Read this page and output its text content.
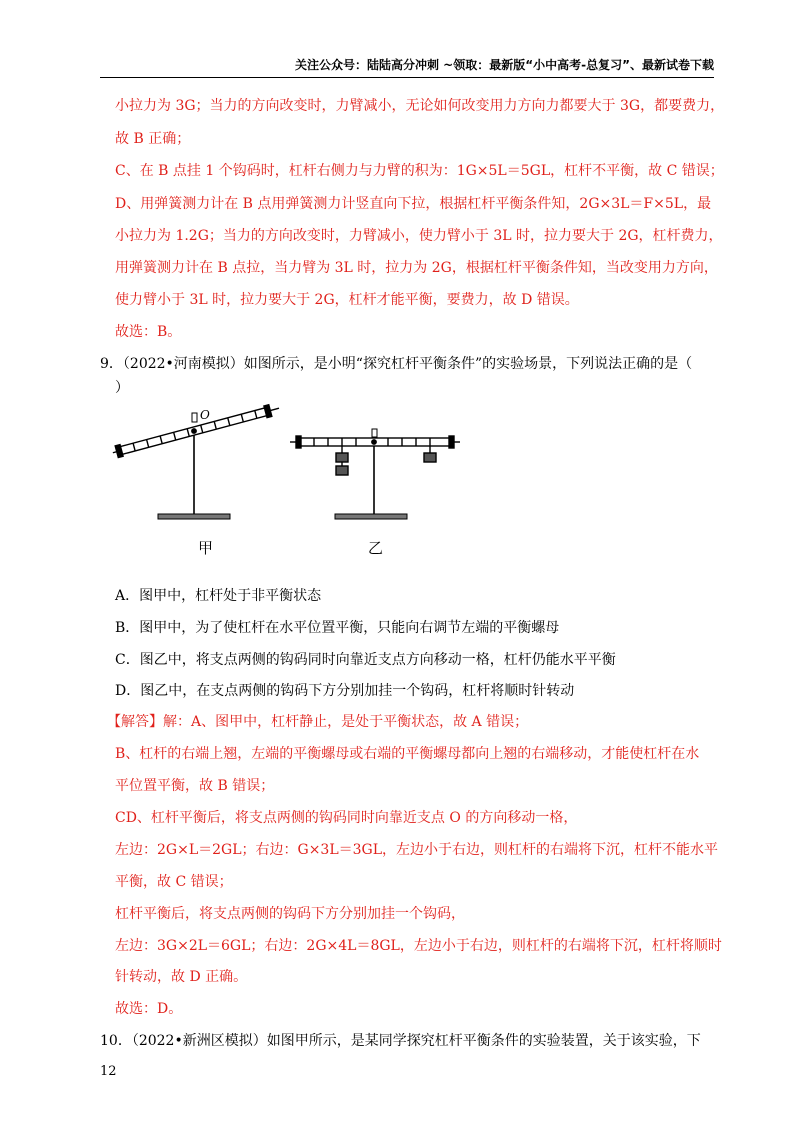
关注公众号：陆陆高分冲刺 ~领取：最新版“小中高考-总复习”、最新试卷下载
小拉力为 3G；当力的方向改变时，力臂减小，无论如何改变用力方向力都要大于 3G，都要费力，
故 B 正确；
C、在 B 点挂 1 个钩码时，杠杆右侧力与力臂的积为：1G×5L＝5GL，杠杆不平衡，故 C 错误；
D、用弹簧测力计在 B 点用弹簧测力计竖直向下拉，根据杠杆平衡条件知，2G×3L＝F×5L，最
小拉力为 1.2G；当力的方向改变时，力臂减小，使力臂小于 3L 时，拉力要大于 2G，杠杆费力，
用弹簧测力计在 B 点拉，当力臂为 3L 时，拉力为 2G，根据杠杆平衡条件知，当改变用力方向，
使力臂小于 3L 时，拉力要大于 2G，杠杆才能平衡，要费力，故 D 错误。
故选：B。
9．（2022•河南模拟）如图所示，是小明“探究杠杆平衡条件”的实验场景，下列说法正确的是（
）
O
甲	乙
A．图甲中，杠杆处于非平衡状态
B．图甲中，为了使杠杆在水平位置平衡，只能向右调节左端的平衡螺母
C．图乙中，将支点两侧的钩码同时向靠近支点方向移动一格，杠杆仍能水平平衡
D．图乙中，在支点两侧的钩码下方分别加挂一个钩码，杠杆将顺时针转动
【解答】解：A、图甲中，杠杆静止，是处于平衡状态，故 A 错误；
B、杠杆的右端上翘，左端的平衡螺母或右端的平衡螺母都向上翘的右端移动，才能使杠杆在水
平位置平衡，故 B 错误；
CD、杠杆平衡后，将支点两侧的钩码同时向靠近支点 O 的方向移动一格，
左边：2G×L＝2GL；右边：G×3L＝3GL，左边小于右边，则杠杆的右端将下沉，杠杆不能水平
平衡，故 C 错误；
杠杆平衡后，将支点两侧的钩码下方分别加挂一个钩码，
左边：3G×2L＝6GL；右边：2G×4L＝8GL，左边小于右边，则杠杆的右端将下沉，杠杆将顺时
针转动，故 D 正确。
故选：D。
10．（2022•新洲区模拟）如图甲所示，是某同学探究杠杆平衡条件的实验装置，关于该实验，下
12
